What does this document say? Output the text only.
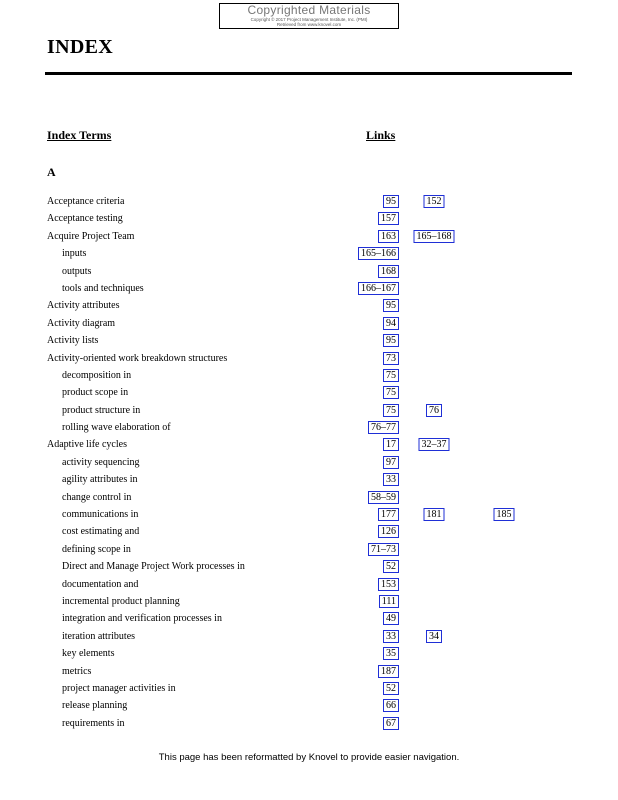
Copyrighted Materials
Copyright © 2017 Project Management Institute, Inc. (PMI)
Retrieved from www.knovel.com
INDEX
Index Terms	Links
A
Acceptance criteria	95	152
Acceptance testing	157
Acquire Project Team	163	165–168
inputs	165–166
outputs	168
tools and techniques	166–167
Activity attributes	95
Activity diagram	94
Activity lists	95
Activity-oriented work breakdown structures	73
decomposition in	75
product scope in	75
product structure in	75	76
rolling wave elaboration of	76–77
Adaptive life cycles	17	32–37
activity sequencing	97
agility attributes in	33
change control in	58–59
communications in	177	181	185
cost estimating and	126
defining scope in	71–73
Direct and Manage Project Work processes in	52
documentation and	153
incremental product planning	111
integration and verification processes in	49
iteration attributes	33	34
key elements	35
metrics	187
project manager activities in	52
release planning	66
requirements in	67
This page has been reformatted by Knovel to provide easier navigation.
